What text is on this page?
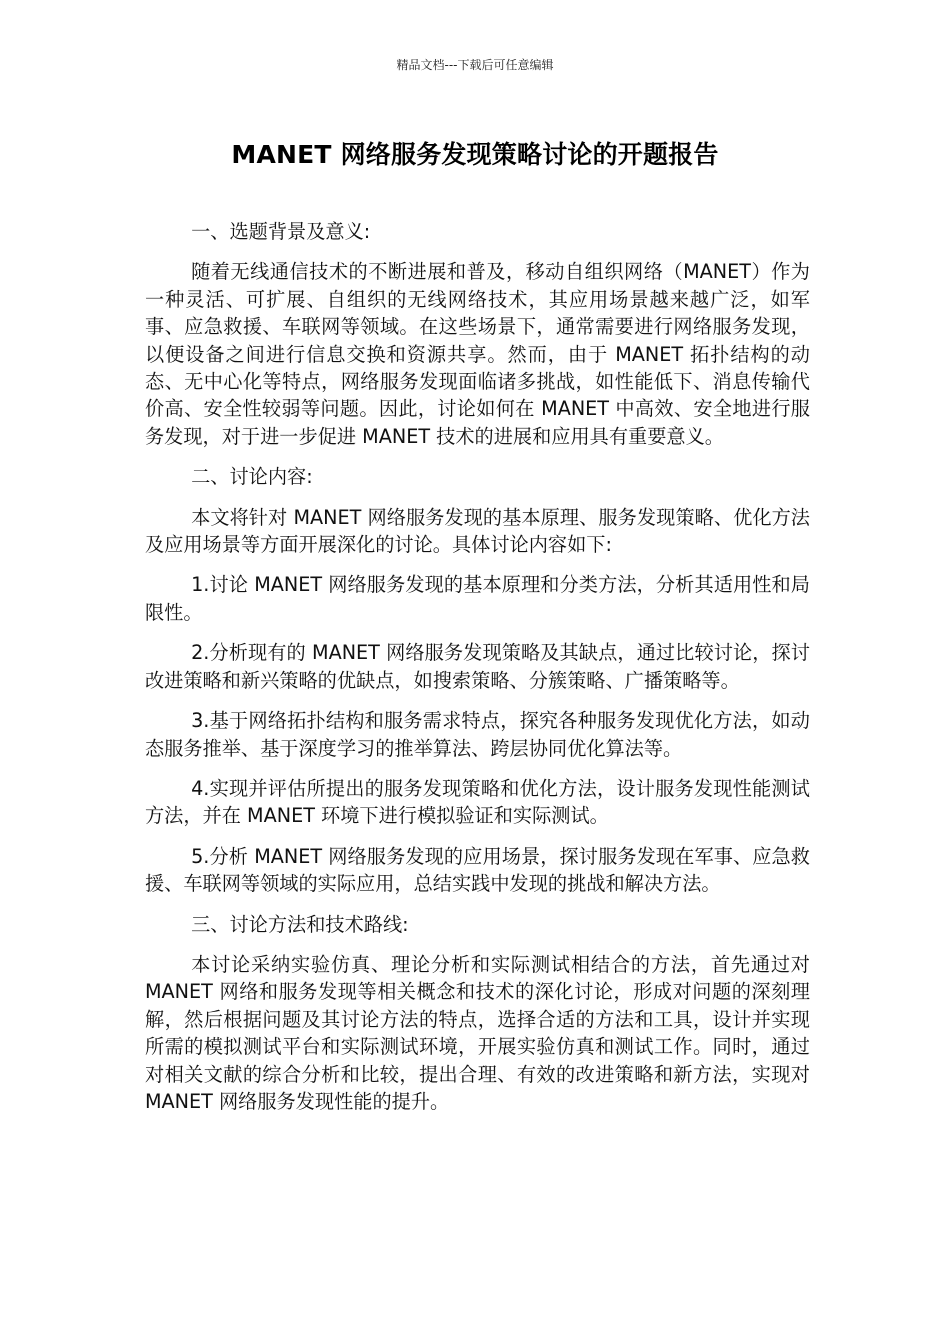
精品文档---下载后可任意编辑
MANET 网络服务发现策略讨论的开题报告

一、选题背景及意义:

随着无线通信技术的不断进展和普及，移动自组织网络（MANET）作为一种灵活、可扩展、自组织的无线网络技术，其应用场景越来越广泛，如军事、应急救援、车联网等领域。在这些场景下，通常需要进行网络服务发现，以便设备之间进行信息交换和资源共享。然而，由于 MANET 拓扑结构的动态、无中心化等特点，网络服务发现面临诸多挑战，如性能低下、消息传输代价高、安全性较弱等问题。因此，讨论如何在 MANET 中高效、安全地进行服务发现，对于进一步促进 MANET 技术的进展和应用具有重要意义。

二、讨论内容:

本文将针对 MANET 网络服务发现的基本原理、服务发现策略、优化方法及应用场景等方面开展深化的讨论。具体讨论内容如下:

1.讨论 MANET 网络服务发现的基本原理和分类方法，分析其适用性和局限性。

2.分析现有的 MANET 网络服务发现策略及其缺点，通过比较讨论，探讨改进策略和新兴策略的优缺点，如搜索策略、分簇策略、广播策略等。

3.基于网络拓扑结构和服务需求特点，探究各种服务发现优化方法，如动态服务推举、基于深度学习的推举算法、跨层协同优化算法等。

4.实现并评估所提出的服务发现策略和优化方法，设计服务发现性能测试方法，并在 MANET 环境下进行模拟验证和实际测试。

5.分析 MANET 网络服务发现的应用场景，探讨服务发现在军事、应急救援、车联网等领域的实际应用，总结实践中发现的挑战和解决方法。

三、讨论方法和技术路线:

本讨论采纳实验仿真、理论分析和实际测试相结合的方法，首先通过对 MANET 网络和服务发现等相关概念和技术的深化讨论，形成对问题的深刻理解，然后根据问题及其讨论方法的特点，选择合适的方法和工具，设计并实现所需的模拟测试平台和实际测试环境，开展实验仿真和测试工作。同时，通过对相关文献的综合分析和比较，提出合理、有效的改进策略和新方法，实现对 MANET 网络服务发现性能的提升。
